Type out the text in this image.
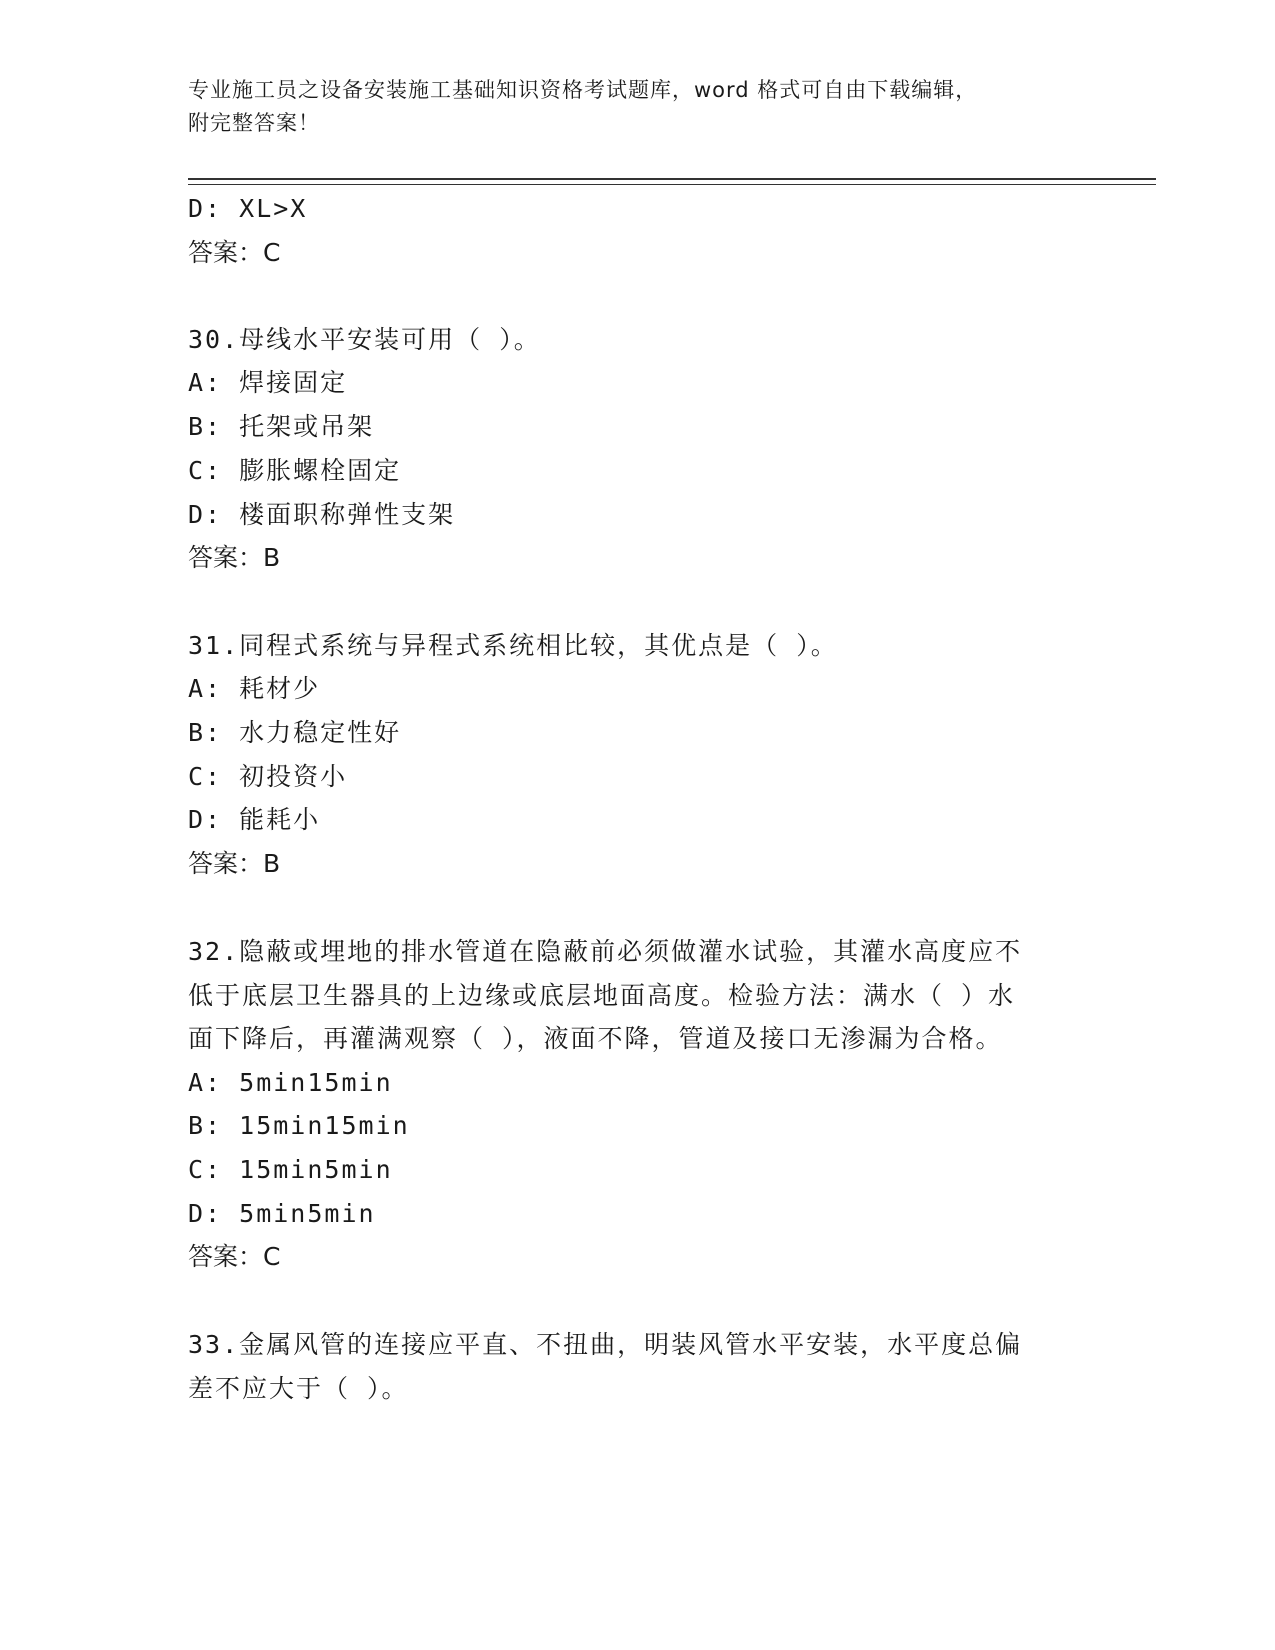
专业施工员之设备安装施工基础知识资格考试题库，word 格式可自由下载编辑，
附完整答案！
D: XL>X
答案：C
30.母线水平安装可用（ ）。
A: 焊接固定
B: 托架或吊架
C: 膨胀螺栓固定
D: 楼面职称弹性支架
答案：B
31.同程式系统与异程式系统相比较，其优点是（ ）。
A: 耗材少
B: 水力稳定性好
C: 初投资小
D: 能耗小
答案：B
32.隐蔽或埋地的排水管道在隐蔽前必须做灌水试验，其灌水高度应不
低于底层卫生器具的上边缘或底层地面高度。检验方法：满水（ ）水
面下降后，再灌满观察（ ），液面不降，管道及接口无渗漏为合格。
A: 5min15min
B: 15min15min
C: 15min5min
D: 5min5min
答案：C
33.金属风管的连接应平直、不扭曲，明装风管水平安装，水平度总偏
差不应大于（ ）。
